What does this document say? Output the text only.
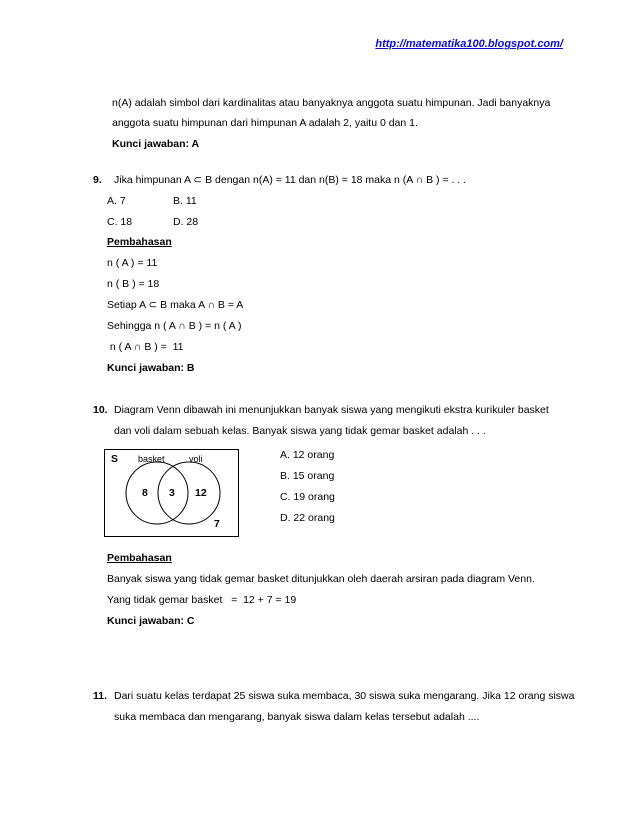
http://matematika100.blogspot.com/
n(A) adalah simbol dari kardinalitas atau banyaknya anggota suatu himpunan. Jadi banyaknya
anggota suatu himpunan dari himpunan A adalah 2, yaitu 0 dan 1.
Kunci jawaban: A
9. Jika himpunan A ⊂ B dengan n(A) = 11 dan n(B) = 18 maka n (A ∩ B ) = . . .
A. 7	B. 11
C. 18	D. 28
Pembahasan
n ( A ) = 11
n ( B ) = 18
Setiap A ⊂ B maka A ∩ B = A
Sehingga n ( A ∩ B ) = n ( A )
n ( A ∩ B ) =  11
Kunci jawaban: B
10. Diagram Venn dibawah ini menunjukkan banyak siswa yang mengikuti ekstra kurikuler basket
dan voli dalam sebuah kelas. Banyak siswa yang tidak gemar basket adalah . . .
S basket	voli
8 3 12
7
A. 12 orang
B. 15 orang
C. 19 orang
D. 22 orang
Pembahasan
Banyak siswa yang tidak gemar basket ditunjukkan oleh daerah arsiran pada diagram Venn.
Yang tidak gemar basket   =  12 + 7 = 19
Kunci jawaban: C
11. Dari suatu kelas terdapat 25 siswa suka membaca, 30 siswa suka mengarang. Jika 12 orang siswa
suka membaca dan mengarang, banyak siswa dalam kelas tersebut adalah ....
